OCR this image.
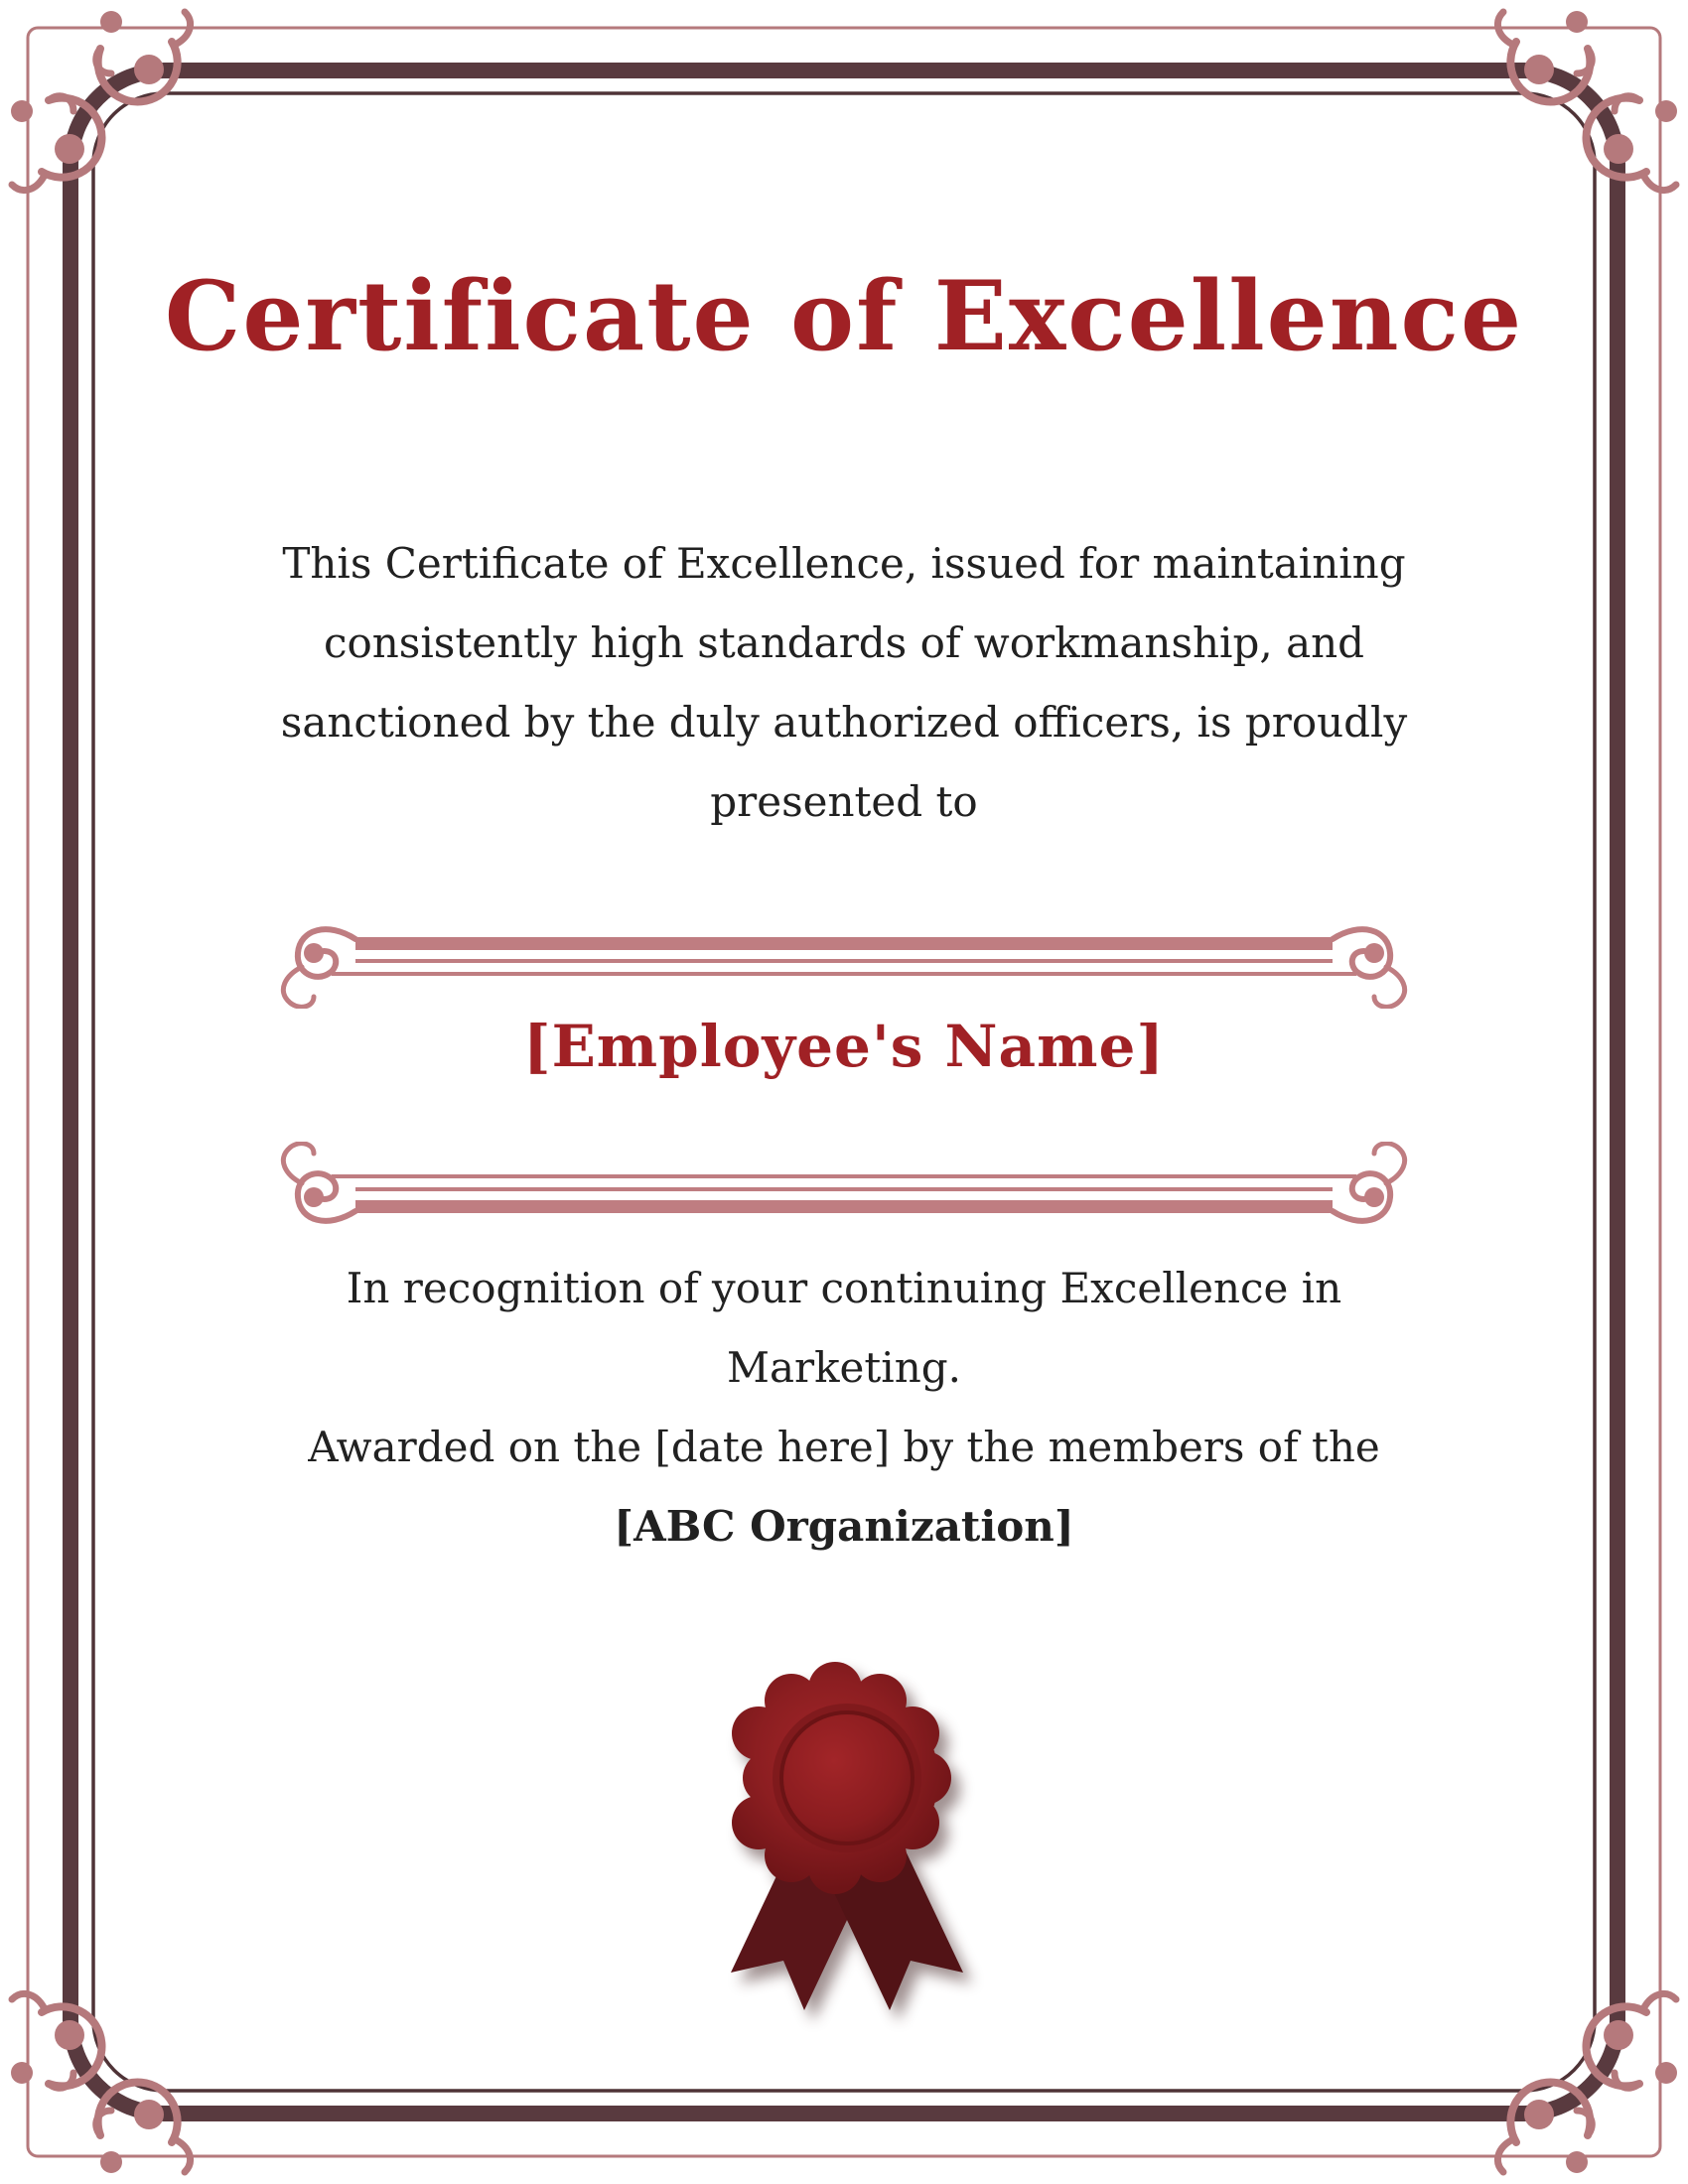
Certificate of Excellence
This Certificate of Excellence, issued for maintaining
consistently high standards of workmanship, and
sanctioned by the duly authorized officers, is proudly
presented to
[Employee's Name]
In recognition of your continuing Excellence in
Marketing.
Awarded on the [date here] by the members of the
[ABC Organization]
